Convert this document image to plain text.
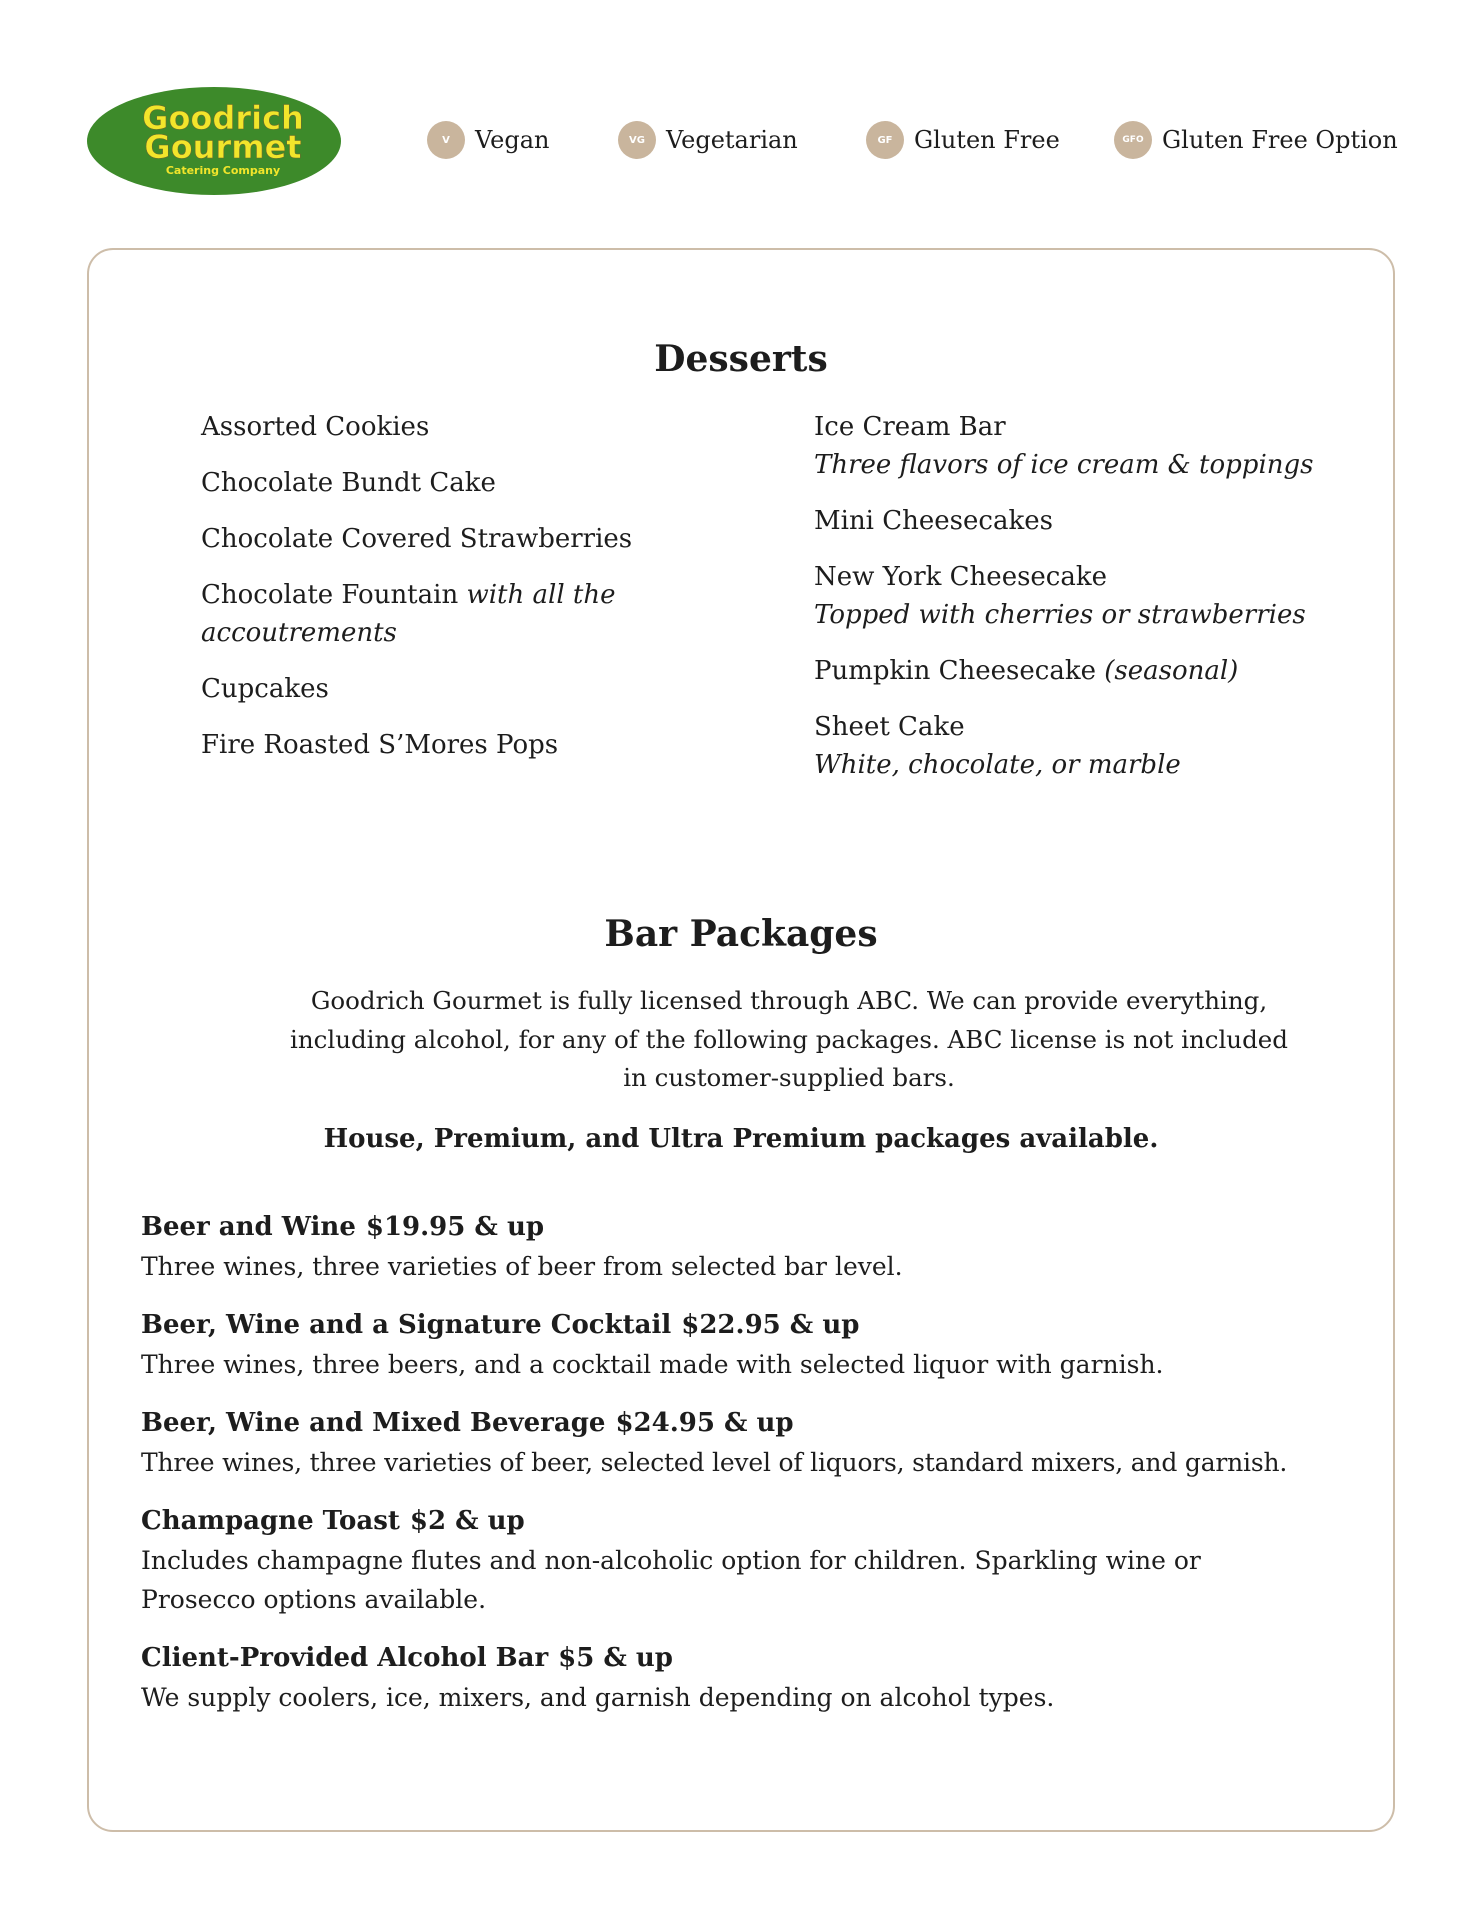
Goodrich
Gourmet
Catering Company
V	Vegan	VG Vegetarian	GF Gluten Free	GFO Gluten Free Option
Desserts
Assorted Cookies
Chocolate Bundt Cake
Chocolate Covered Strawberries
Chocolate Fountain with all the accoutrements
Cupcakes
Fire Roasted S’Mores Pops
Ice Cream Bar
Three flavors of ice cream & toppings
Mini Cheesecakes
New York Cheesecake
Topped with cherries or strawberries
Pumpkin Cheesecake (seasonal)
Sheet Cake
White, chocolate, or marble
Bar Packages
Goodrich Gourmet is fully licensed through ABC. We can provide everything,
including alcohol, for any of the following packages. ABC license is not included
in customer-supplied bars.
House, Premium, and Ultra Premium packages available.
Beer and Wine $19.95 & up
Three wines, three varieties of beer from selected bar level.
Beer, Wine and a Signature Cocktail $22.95 & up
Three wines, three beers, and a cocktail made with selected liquor with garnish.
Beer, Wine and Mixed Beverage $24.95 & up
Three wines, three varieties of beer, selected level of liquors, standard mixers, and garnish.
Champagne Toast $2 & up
Includes champagne flutes and non-alcoholic option for children. Sparkling wine or Prosecco options available.
Client-Provided Alcohol Bar $5 & up
We supply coolers, ice, mixers, and garnish depending on alcohol types.
